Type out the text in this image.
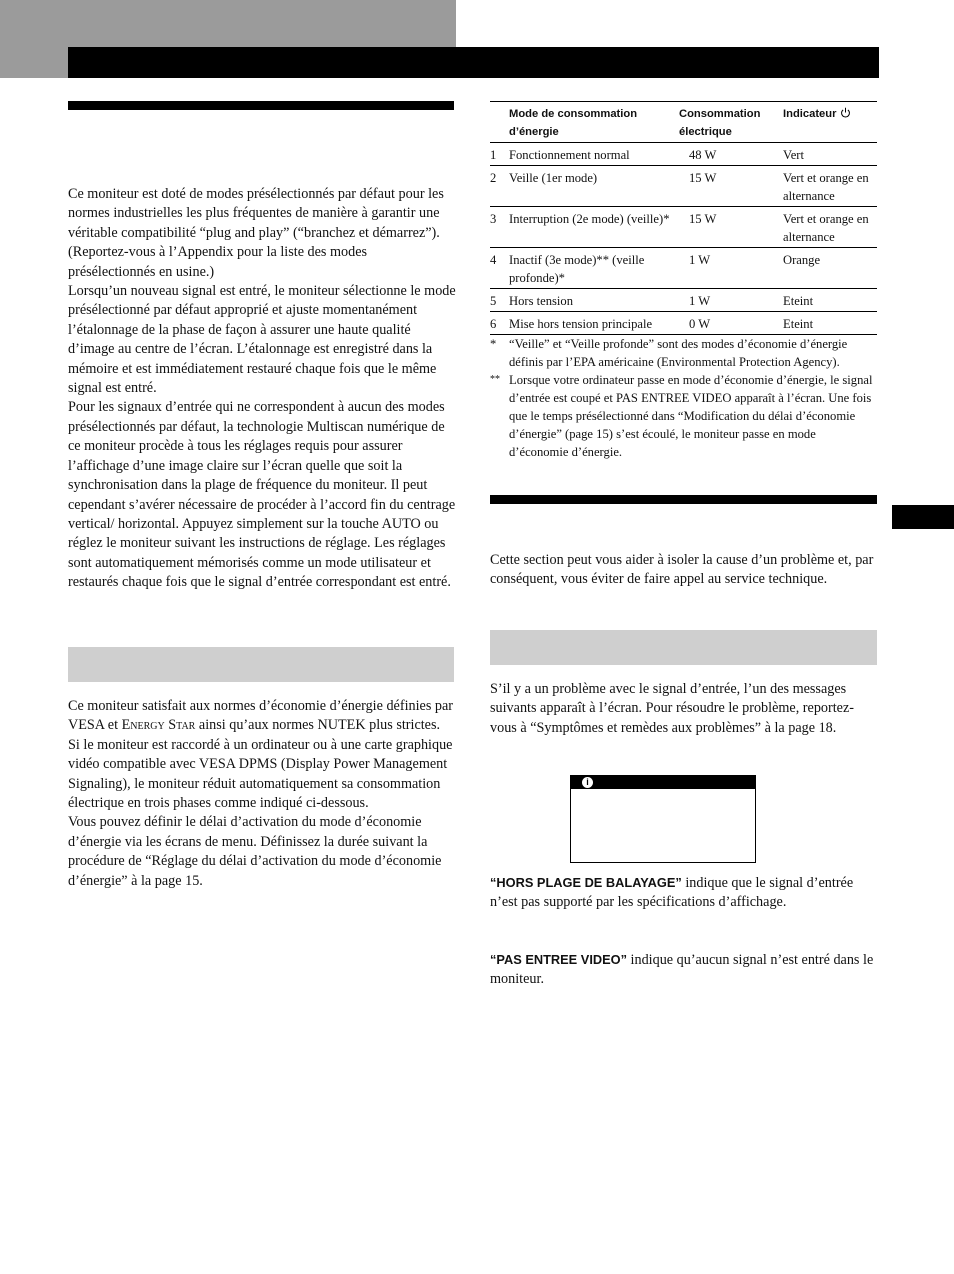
Ce moniteur est doté de modes présélectionnés par défaut pour les normes industrielles les plus fréquentes de manière à garantir une véritable compatibilité “plug and play” (“branchez et démarrez”).

(Reportez-vous à l’Appendix pour la liste des modes présélectionnés en usine.)

Lorsqu’un nouveau signal est entré, le moniteur sélectionne le mode présélectionné par défaut approprié et ajuste momentanément l’étalonnage de la phase de façon à assurer une haute qualité d’image au centre de l’écran. L’étalonnage est enregistré dans la mémoire et est immédiatement restauré chaque fois que le même signal est entré.

Pour les signaux d’entrée qui ne correspondent à aucun des modes présélectionnés par défaut, la technologie Multiscan numérique de ce moniteur procède à tous les réglages requis pour assurer l’affichage d’une image claire sur l’écran quelle que soit la synchronisation dans la plage de fréquence du moniteur. Il peut cependant s’avérer nécessaire de procéder à l’accord fin du centrage vertical/ horizontal. Appuyez simplement sur la touche AUTO ou réglez le moniteur suivant les instructions de réglage. Les réglages sont automatiquement mémorisés comme un mode utilisateur et restaurés chaque fois que le signal d’entrée correspondant est entré.

Ce moniteur satisfait aux normes d’économie d’énergie définies par VESA et Energy Star ainsi qu’aux normes NUTEK plus strictes.

Si le moniteur est raccordé à un ordinateur ou à une carte graphique vidéo compatible avec VESA DPMS (Display Power Management Signaling), le moniteur réduit automatiquement sa consommation électrique en trois phases comme indiqué ci-dessous.

Vous pouvez définir le délai d’activation du mode d’économie d’énergie via les écrans de menu. Définissez la durée suivant la procédure de “Réglage du délai d’activation du mode d’économie d’énergie” à la page 15.

	Mode de consommation d’énergie	Consommation électrique	Indicateur
1	Fonctionnement normal	48 W	Vert
2	Veille (1er mode)	15 W	Vert et orange en alternance
3	Interruption (2e mode) (veille)*	15 W	Vert et orange en alternance
4	Inactif (3e mode)** (veille profonde)*	1 W	Orange
5	Hors tension	1 W	Eteint
6	Mise hors tension principale	0 W	Eteint
*	“Veille” et “Veille profonde” sont des modes d’économie d’énergie définis par l’EPA américaine (Environmental Protection Agency).
** Lorsque votre ordinateur passe en mode d’économie d’énergie, le signal d’entrée est coupé et PAS ENTREE VIDEO apparaît à l’écran. Une fois que le temps présélectionné dans “Modification du délai d’économie d’énergie” (page 15) s’est écoulé, le moniteur passe en mode d’économie d’énergie.
Cette section peut vous aider à isoler la cause d’un problème et, par conséquent, vous éviter de faire appel au service technique.
S’il y a un problème avec le signal d’entrée, l’un des messages suivants apparaît à l’écran. Pour résoudre le problème, reportez-vous à “Symptômes et remèdes aux problèmes” à la page 18.
i
“HORS PLAGE DE BALAYAGE” indique que le signal d’entrée n’est pas supporté par les spécifications d’affichage.
“PAS ENTREE VIDEO” indique qu’aucun signal n’est entré dans le moniteur.
